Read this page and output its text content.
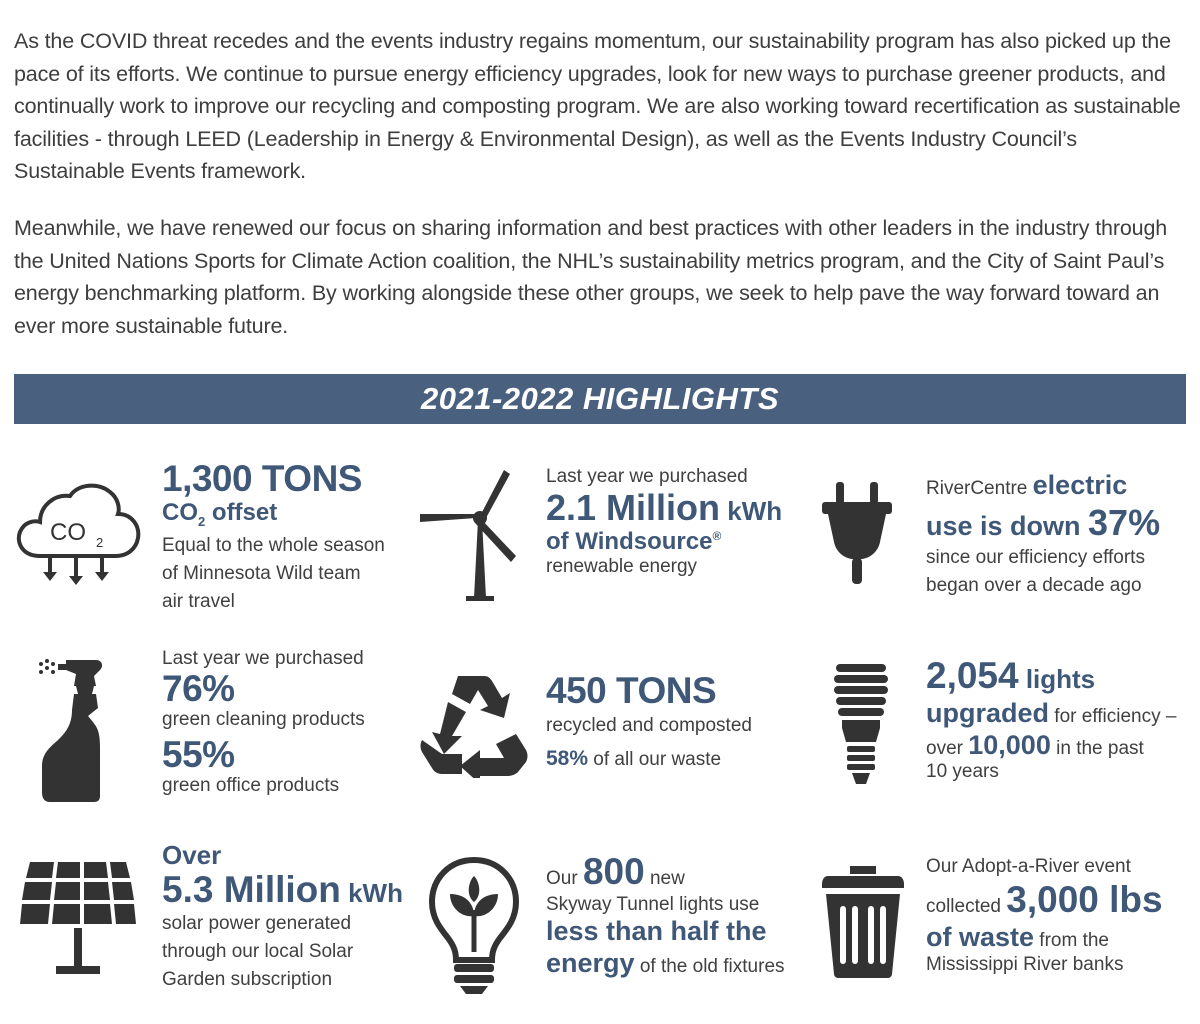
As the COVID threat recedes and the events industry regains momentum, our sustainability program has also picked up the pace of its efforts. We continue to pursue energy efficiency upgrades, look for new ways to purchase greener products, and continually work to improve our recycling and composting program. We are also working toward recertification as sustainable facilities - through LEED (Leadership in Energy & Environmental Design), as well as the Events Industry Council’s Sustainable Events framework.

Meanwhile, we have renewed our focus on sharing information and best practices with other leaders in the industry through the United Nations Sports for Climate Action coalition, the NHL’s sustainability metrics program, and the City of Saint Paul’s energy benchmarking platform. By working alongside these other groups, we seek to help pave the way forward toward an ever more sustainable future.

2021-2022 HIGHLIGHTS
CO 2
1,300 TONS
$CO_2$ offset
Equal to the whole season
of Minnesota Wild team
air travel
Last year we purchased
2.1 Million kWh
of Windsource®
renewable energy
RiverCentre electric
use is down 37%
since our efficiency efforts
began over a decade ago
Last year we purchased
76%
green cleaning products
55%
green office products
450 TONS
recycled and composted
58% of all our waste
2,054 lights
upgraded for efficiency –
over 10,000 in the past
10 years
Over
5.3 Million kWh
solar power generated
through our local Solar
Garden subscription
Our 800 new
Skyway Tunnel lights use
less than half the
energy of the old fixtures
Our Adopt-a-River event
collected 3,000 lbs
of waste from the
Mississippi River banks
